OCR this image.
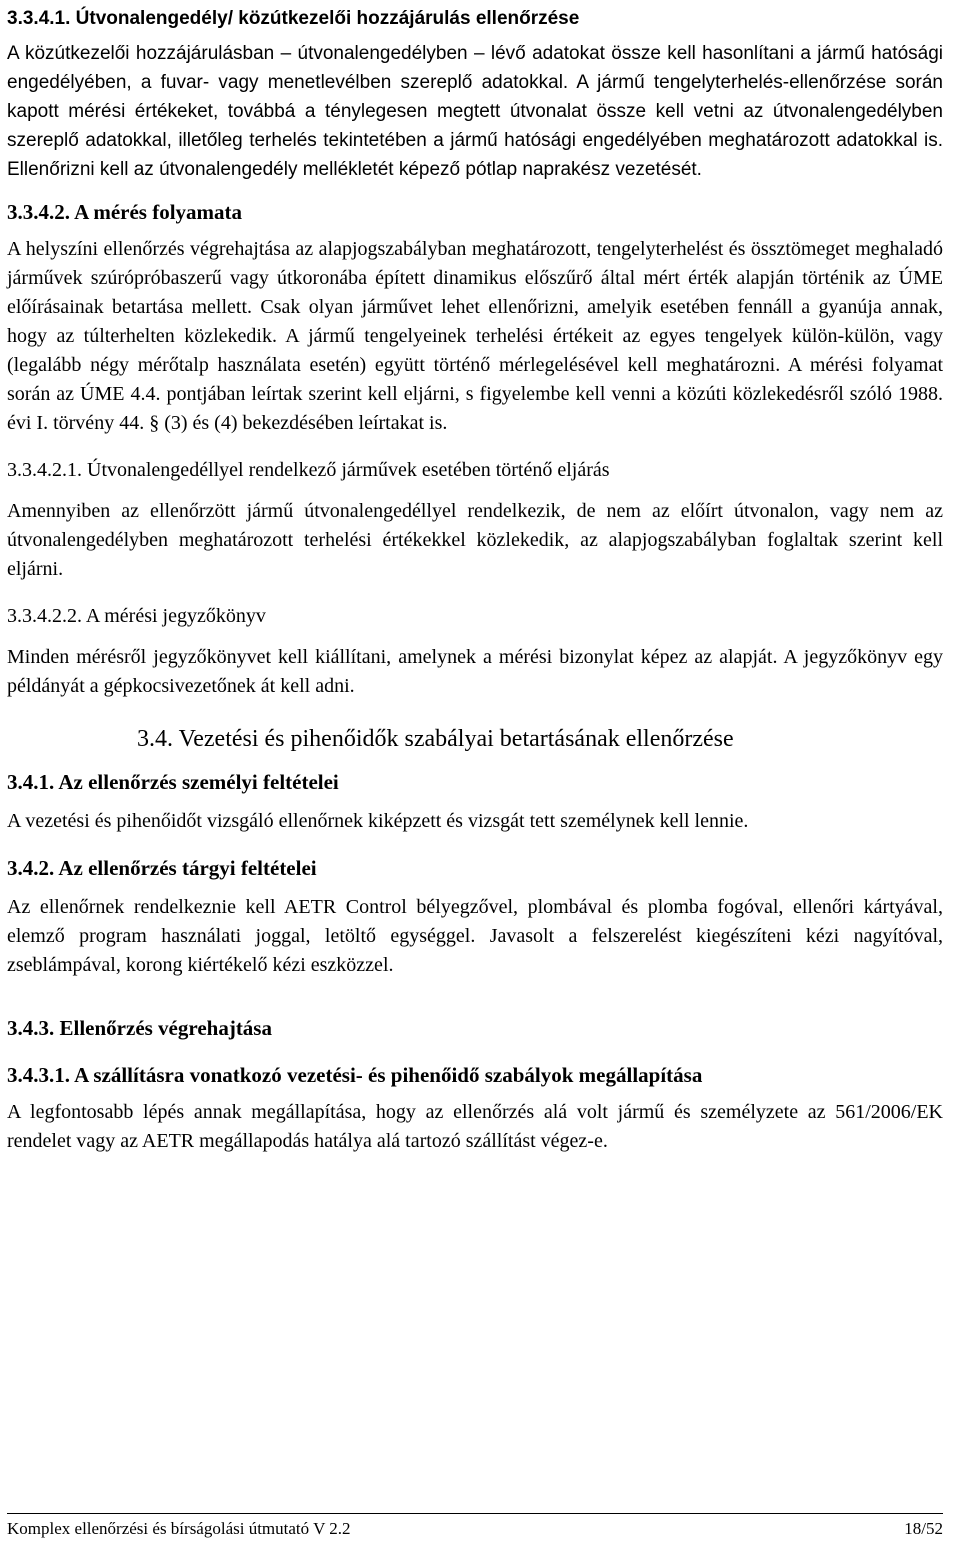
3.3.4.1. Útvonalengedély/ közútkezelői hozzájárulás ellenőrzése

A közútkezelői hozzájárulásban – útvonalengedélyben – lévő adatokat össze kell hasonlítani a jármű hatósági engedélyében, a fuvar- vagy menetlevélben szereplő adatokkal. A jármű tengelyterhelés-ellenőrzése során kapott mérési értékeket, továbbá a ténylegesen megtett útvonalat össze kell vetni az útvonalengedélyben szereplő adatokkal, illetőleg terhelés tekintetében a jármű hatósági engedélyében meghatározott adatokkal is. Ellenőrizni kell az útvonalengedély mellékletét képező pótlap naprakész vezetését.

3.3.4.2. A mérés folyamata

A helyszíni ellenőrzés végrehajtása az alapjogszabályban meghatározott, tengelyterhelést és össztömeget meghaladó járművek szúrópróbaszerű vagy útkoronába épített dinamikus előszűrő által mért érték alapján történik az ÚME előírásainak betartása mellett. Csak olyan járművet lehet ellenőrizni, amelyik esetében fennáll a gyanúja annak, hogy az túlterhelten közlekedik. A jármű tengelyeinek terhelési értékeit az egyes tengelyek külön-külön, vagy (legalább négy mérőtalp használata esetén) együtt történő mérlegelésével kell meghatározni. A mérési folyamat során az ÚME 4.4. pontjában leírtak szerint kell eljárni, s figyelembe kell venni a közúti közlekedésről szóló 1988. évi I. törvény 44. § (3) és (4) bekezdésében leírtakat is.

3.3.4.2.1. Útvonalengedéllyel rendelkező járművek esetében történő eljárás

Amennyiben az ellenőrzött jármű útvonalengedéllyel rendelkezik, de nem az előírt útvonalon, vagy nem az útvonalengedélyben meghatározott terhelési értékekkel közlekedik, az alapjogszabályban foglaltak szerint kell eljárni.

3.3.4.2.2. A mérési jegyzőkönyv

Minden mérésről jegyzőkönyvet kell kiállítani, amelynek a mérési bizonylat képez az alapját. A jegyzőkönyv egy példányát a gépkocsivezetőnek át kell adni.

3.4. Vezetési és pihenőidők szabályai betartásának ellenőrzése

3.4.1. Az ellenőrzés személyi feltételei

A vezetési és pihenőidőt vizsgáló ellenőrnek kiképzett és vizsgát tett személynek kell lennie.

3.4.2. Az ellenőrzés tárgyi feltételei

Az ellenőrnek rendelkeznie kell AETR Control bélyegzővel, plombával és plomba fogóval, ellenőri kártyával, elemző program használati joggal, letöltő egységgel. Javasolt a felszerelést kiegészíteni kézi nagyítóval, zseblámpával, korong kiértékelő kézi eszközzel.

3.4.3. Ellenőrzés végrehajtása

3.4.3.1. A szállításra vonatkozó vezetési- és pihenőidő szabályok megállapítása

A legfontosabb lépés annak megállapítása, hogy az ellenőrzés alá volt jármű és személyzete az 561/2006/EK rendelet vagy az AETR megállapodás hatálya alá tartozó szállítást végez-e.

Komplex ellenőrzési és bírságolási útmutató V 2.2	18/52
